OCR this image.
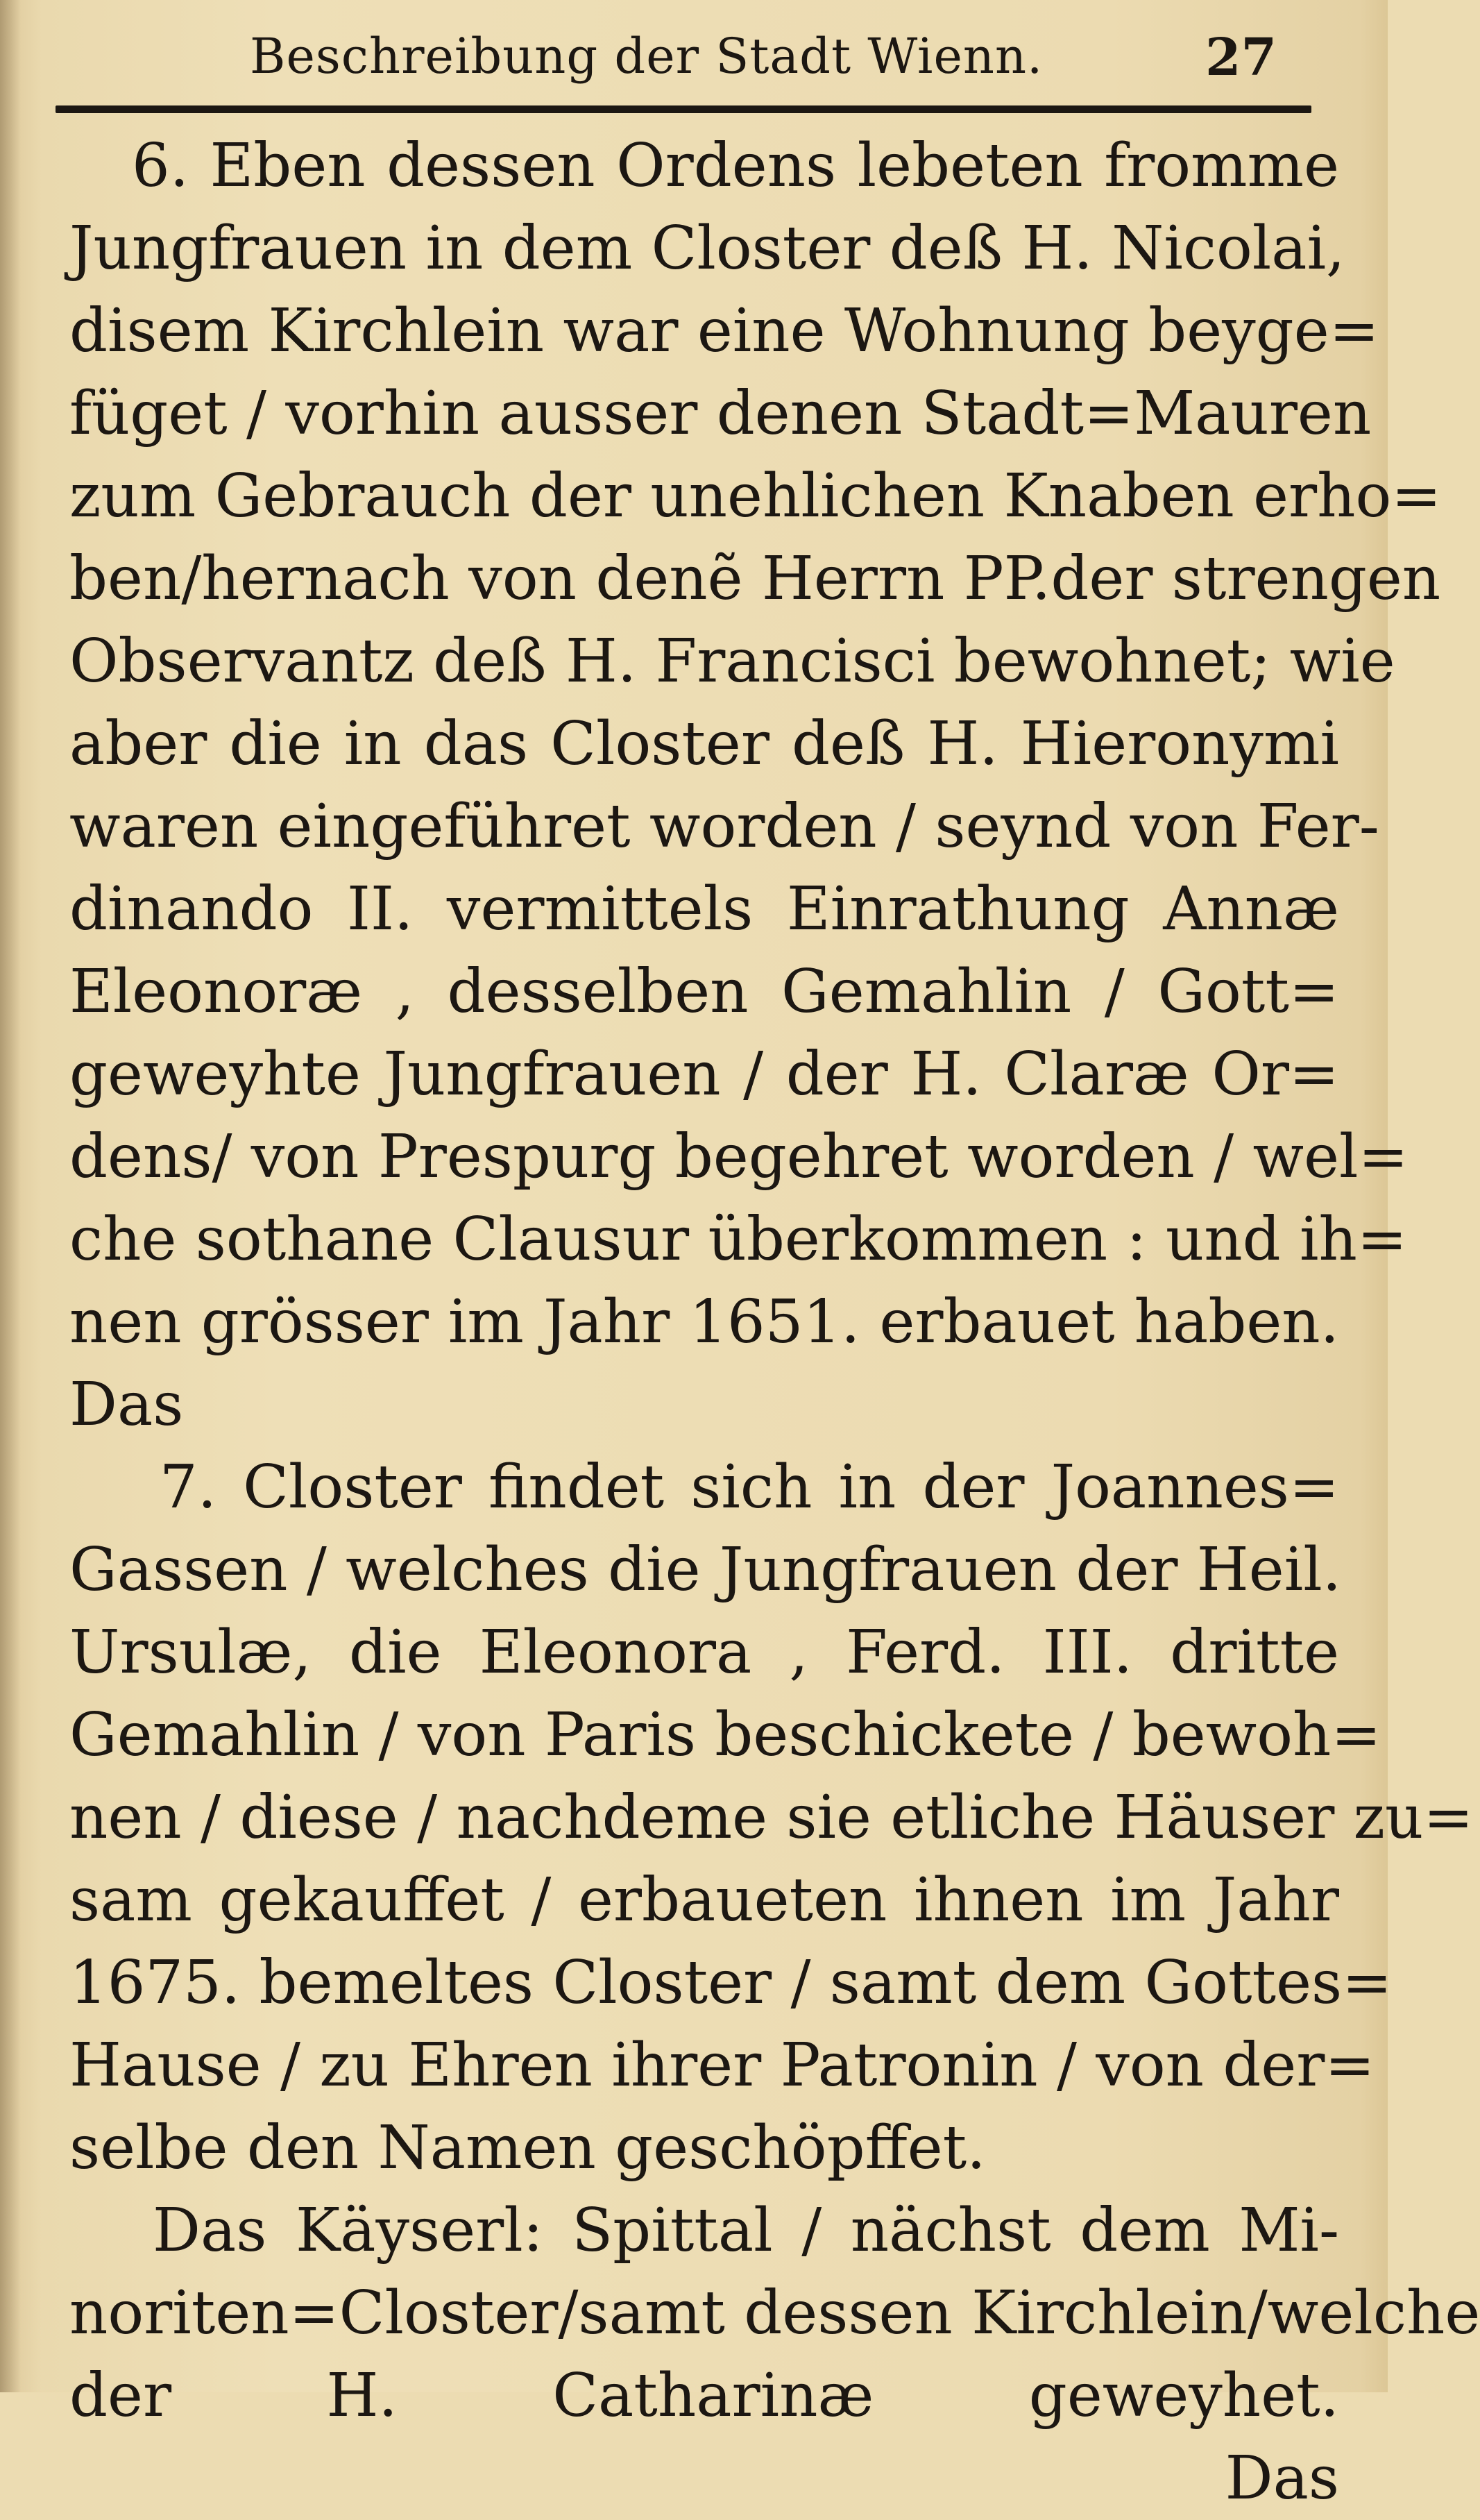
Beschreibung der Stadt Wienn.	27
6. Eben dessen Ordens lebeten fromme
Jungfrauen in dem Closter deß H. Nicolai,
disem Kirchlein war eine Wohnung beyge=
füget / vorhin ausser denen Stadt=Mauren
zum Gebrauch der unehlichen Knaben erho=
ben/hernach von denẽ Herrn PP.der strengen
Observantz deß H. Francisci bewohnet; wie
aber die in das Closter deß H. Hieronymi
waren eingeführet worden / seynd von Fer-
dinando II. vermittels Einrathung Annæ
Eleonoræ , desselben Gemahlin / Gott=
geweyhte Jungfrauen / der H. Claræ Or=
dens/ von Prespurg begehret worden / wel=
che sothane Clausur überkommen : und ih=
nen grösser im Jahr 1651. erbauet haben.
Das
7. Closter findet sich in der Joannes=
Gassen / welches die Jungfrauen der Heil.
Ursulæ, die Eleonora , Ferd. III. dritte
Gemahlin / von Paris beschickete / bewoh=
nen / diese / nachdeme sie etliche Häuser zu=
sam gekauffet / erbaueten ihnen im Jahr
1675. bemeltes Closter / samt dem Gottes=
Hause / zu Ehren ihrer Patronin / von der=
selbe den Namen geschöpffet.
Das Käyserl: Spittal / nächst dem Mi-
noriten=Closter/samt dessen Kirchlein/welche
der H. Catharinæ geweyhet.
Das
